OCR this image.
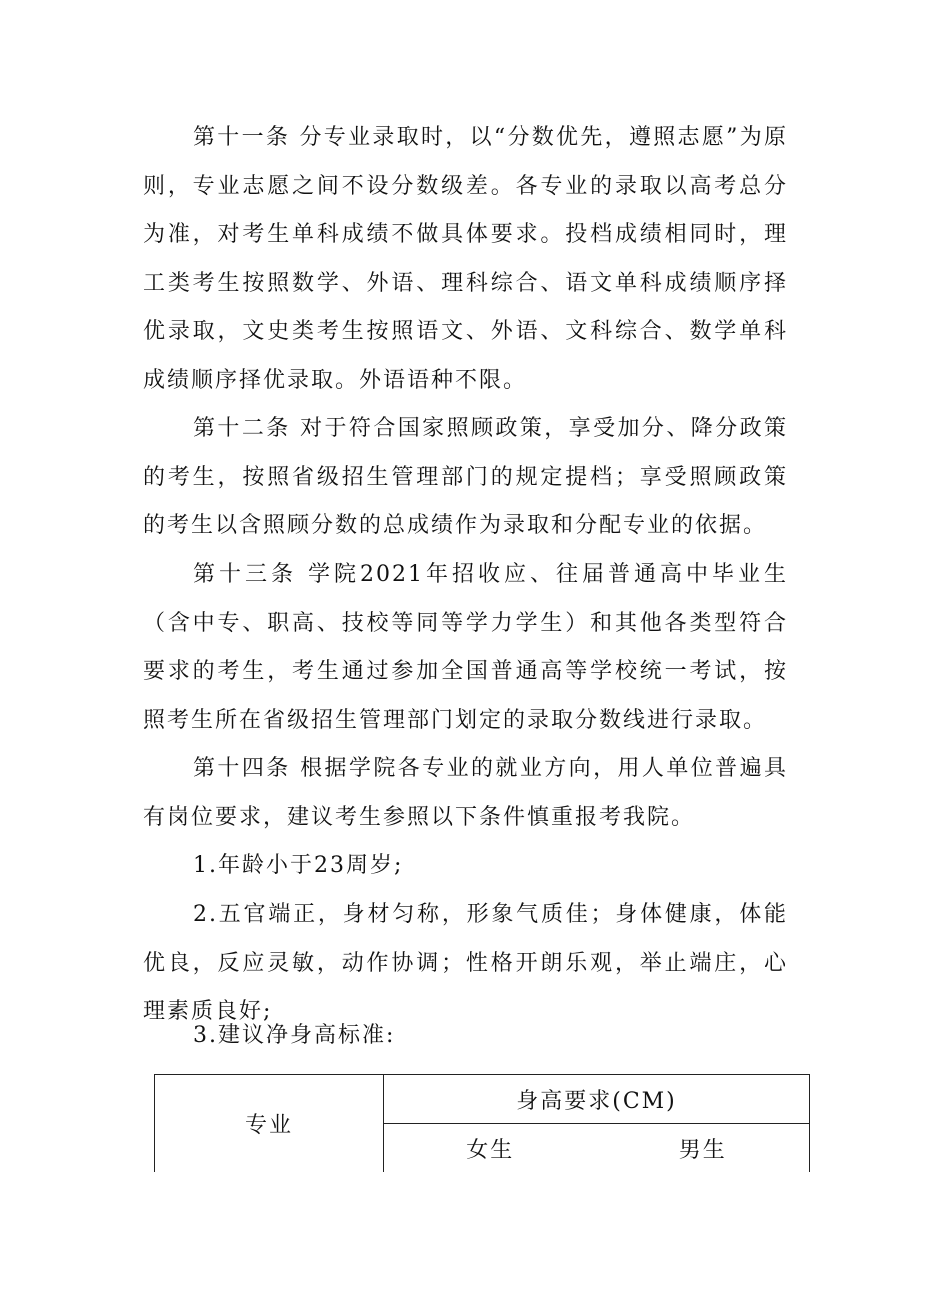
第十一条 分专业录取时，以“分数优先，遵照志愿”为原则，专业志愿之间不设分数级差。各专业的录取以高考总分为准，对考生单科成绩不做具体要求。投档成绩相同时，理工类考生按照数学、外语、理科综合、语文单科成绩顺序择优录取，文史类考生按照语文、外语、文科综合、数学单科成绩顺序择优录取。外语语种不限。

第十二条 对于符合国家照顾政策，享受加分、降分政策的考生，按照省级招生管理部门的规定提档；享受照顾政策的考生以含照顾分数的总成绩作为录取和分配专业的依据。

第十三条 学院2021年招收应、往届普通高中毕业生（含中专、职高、技校等同等学力学生）和其他各类型符合要求的考生，考生通过参加全国普通高等学校统一考试，按照考生所在省级招生管理部门划定的录取分数线进行录取。

第十四条 根据学院各专业的就业方向，用人单位普遍具有岗位要求，建议考生参照以下条件慎重报考我院。

1.年龄小于23周岁;

2.五官端正，身材匀称，形象气质佳；身体健康，体能优良，反应灵敏，动作协调；性格开朗乐观，举止端庄，心理素质良好;

3.建议净身高标准:

专业	身高要求(CM)	
	女生	男生
